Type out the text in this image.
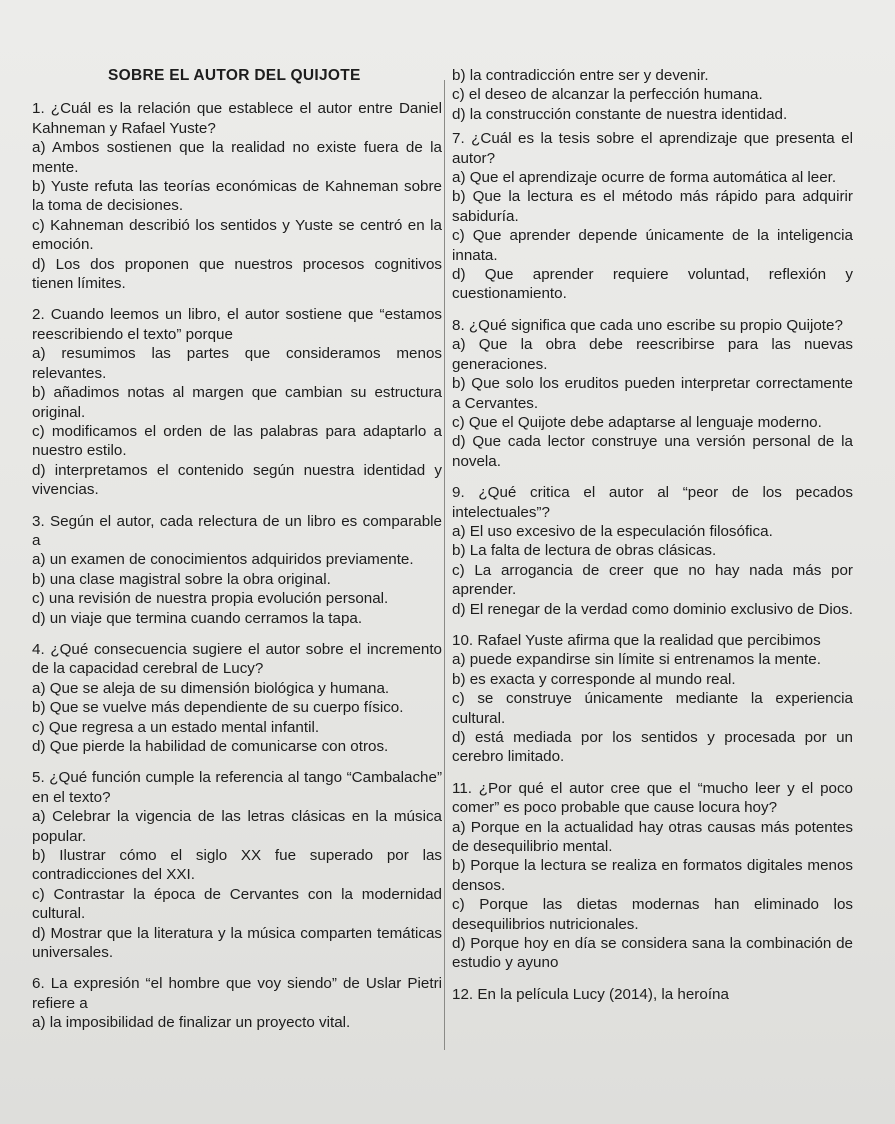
SOBRE EL AUTOR DEL QUIJOTE
1. ¿Cuál es la relación que establece el autor entre Daniel Kahneman y Rafael Yuste?
a) Ambos sostienen que la realidad no existe fuera de la mente.
b) Yuste refuta las teorías económicas de Kahneman sobre la toma de decisiones.
c) Kahneman describió los sentidos y Yuste se centró en la emoción.
d) Los dos proponen que nuestros procesos cognitivos tienen límites.
2. Cuando leemos un libro, el autor sostiene que “estamos reescribiendo el texto” porque
a) resumimos las partes que consideramos menos relevantes.
b) añadimos notas al margen que cambian su estructura original.
c) modificamos el orden de las palabras para adaptarlo a nuestro estilo.
d) interpretamos el contenido según nuestra identidad y vivencias.
3. Según el autor, cada relectura de un libro es comparable a
a) un examen de conocimientos adquiridos previamente.
b) una clase magistral sobre la obra original.
c) una revisión de nuestra propia evolución personal.
d) un viaje que termina cuando cerramos la tapa.
4. ¿Qué consecuencia sugiere el autor sobre el incremento de la capacidad cerebral de Lucy?
a) Que se aleja de su dimensión biológica y humana.
b) Que se vuelve más dependiente de su cuerpo físico.
c) Que regresa a un estado mental infantil.
d) Que pierde la habilidad de comunicarse con otros.
5. ¿Qué función cumple la referencia al tango “Cambalache” en el texto?
a) Celebrar la vigencia de las letras clásicas en la música popular.
b) Ilustrar cómo el siglo XX fue superado por las contradicciones del XXI.
c) Contrastar la época de Cervantes con la modernidad cultural.
d) Mostrar que la literatura y la música comparten temáticas universales.
6. La expresión “el hombre que voy siendo” de Uslar Pietri refiere a
a) la imposibilidad de finalizar un proyecto vital.
b) la contradicción entre ser y devenir.
c) el deseo de alcanzar la perfección humana.
d) la construcción constante de nuestra identidad.
7. ¿Cuál es la tesis sobre el aprendizaje que presenta el autor?
a) Que el aprendizaje ocurre de forma automática al leer.
b) Que la lectura es el método más rápido para adquirir sabiduría.
c) Que aprender depende únicamente de la inteligencia innata.
d) Que aprender requiere voluntad, reflexión y cuestionamiento.
8. ¿Qué significa que cada uno escribe su propio Quijote?
a) Que la obra debe reescribirse para las nuevas generaciones.
b) Que solo los eruditos pueden interpretar correctamente a Cervantes.
c) Que el Quijote debe adaptarse al lenguaje moderno.
d) Que cada lector construye una versión personal de la novela.
9. ¿Qué critica el autor al “peor de los pecados intelectuales”?
a) El uso excesivo de la especulación filosófica.
b) La falta de lectura de obras clásicas.
c) La arrogancia de creer que no hay nada más por aprender.
d) El renegar de la verdad como dominio exclusivo de Dios.
10. Rafael Yuste afirma que la realidad que percibimos
a) puede expandirse sin límite si entrenamos la mente.
b) es exacta y corresponde al mundo real.
c) se construye únicamente mediante la experiencia cultural.
d) está mediada por los sentidos y procesada por un cerebro limitado.
11. ¿Por qué el autor cree que el “mucho leer y el poco comer” es poco probable que cause locura hoy?
a) Porque en la actualidad hay otras causas más potentes de desequilibrio mental.
b) Porque la lectura se realiza en formatos digitales menos densos.
c) Porque las dietas modernas han eliminado los desequilibrios nutricionales.
d) Porque hoy en día se considera sana la combinación de estudio y ayuno
12. En la película Lucy (2014), la heroína
